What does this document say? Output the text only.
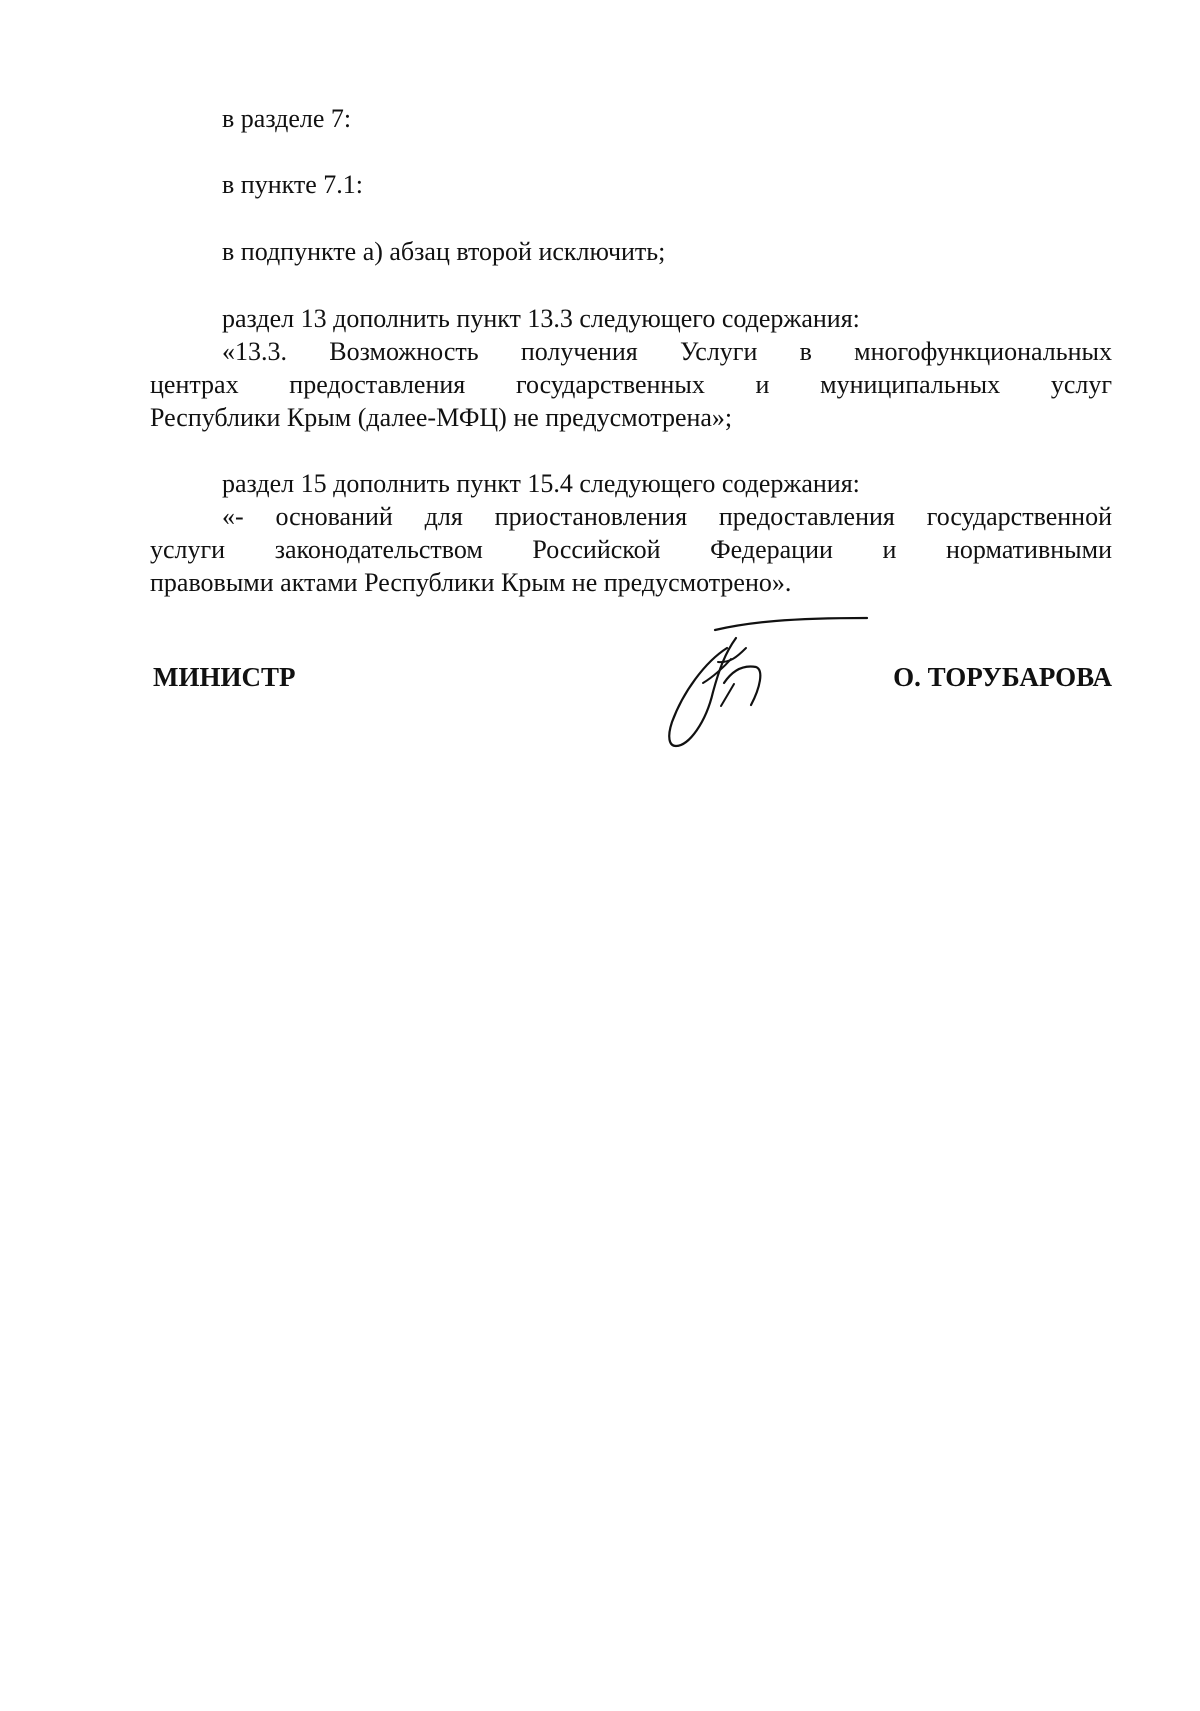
в разделе 7:

в пункте 7.1:

в подпункте а) абзац второй исключить;

раздел 13 дополнить пункт 13.3 следующего содержания:

«13.3. Возможность получения Услуги в многофункциональных

центрах предоставления государственных и муниципальных услуг

Республики Крым (далее-МФЦ) не предусмотрена»;

раздел 15 дополнить пункт 15.4 следующего содержания:

«- оснований для приостановления предоставления государственной

услуги законодательством Российской Федерации и нормативными

правовыми актами Республики Крым не предусмотрено».

МИНИСТР	О. ТОРУБАРОВА
